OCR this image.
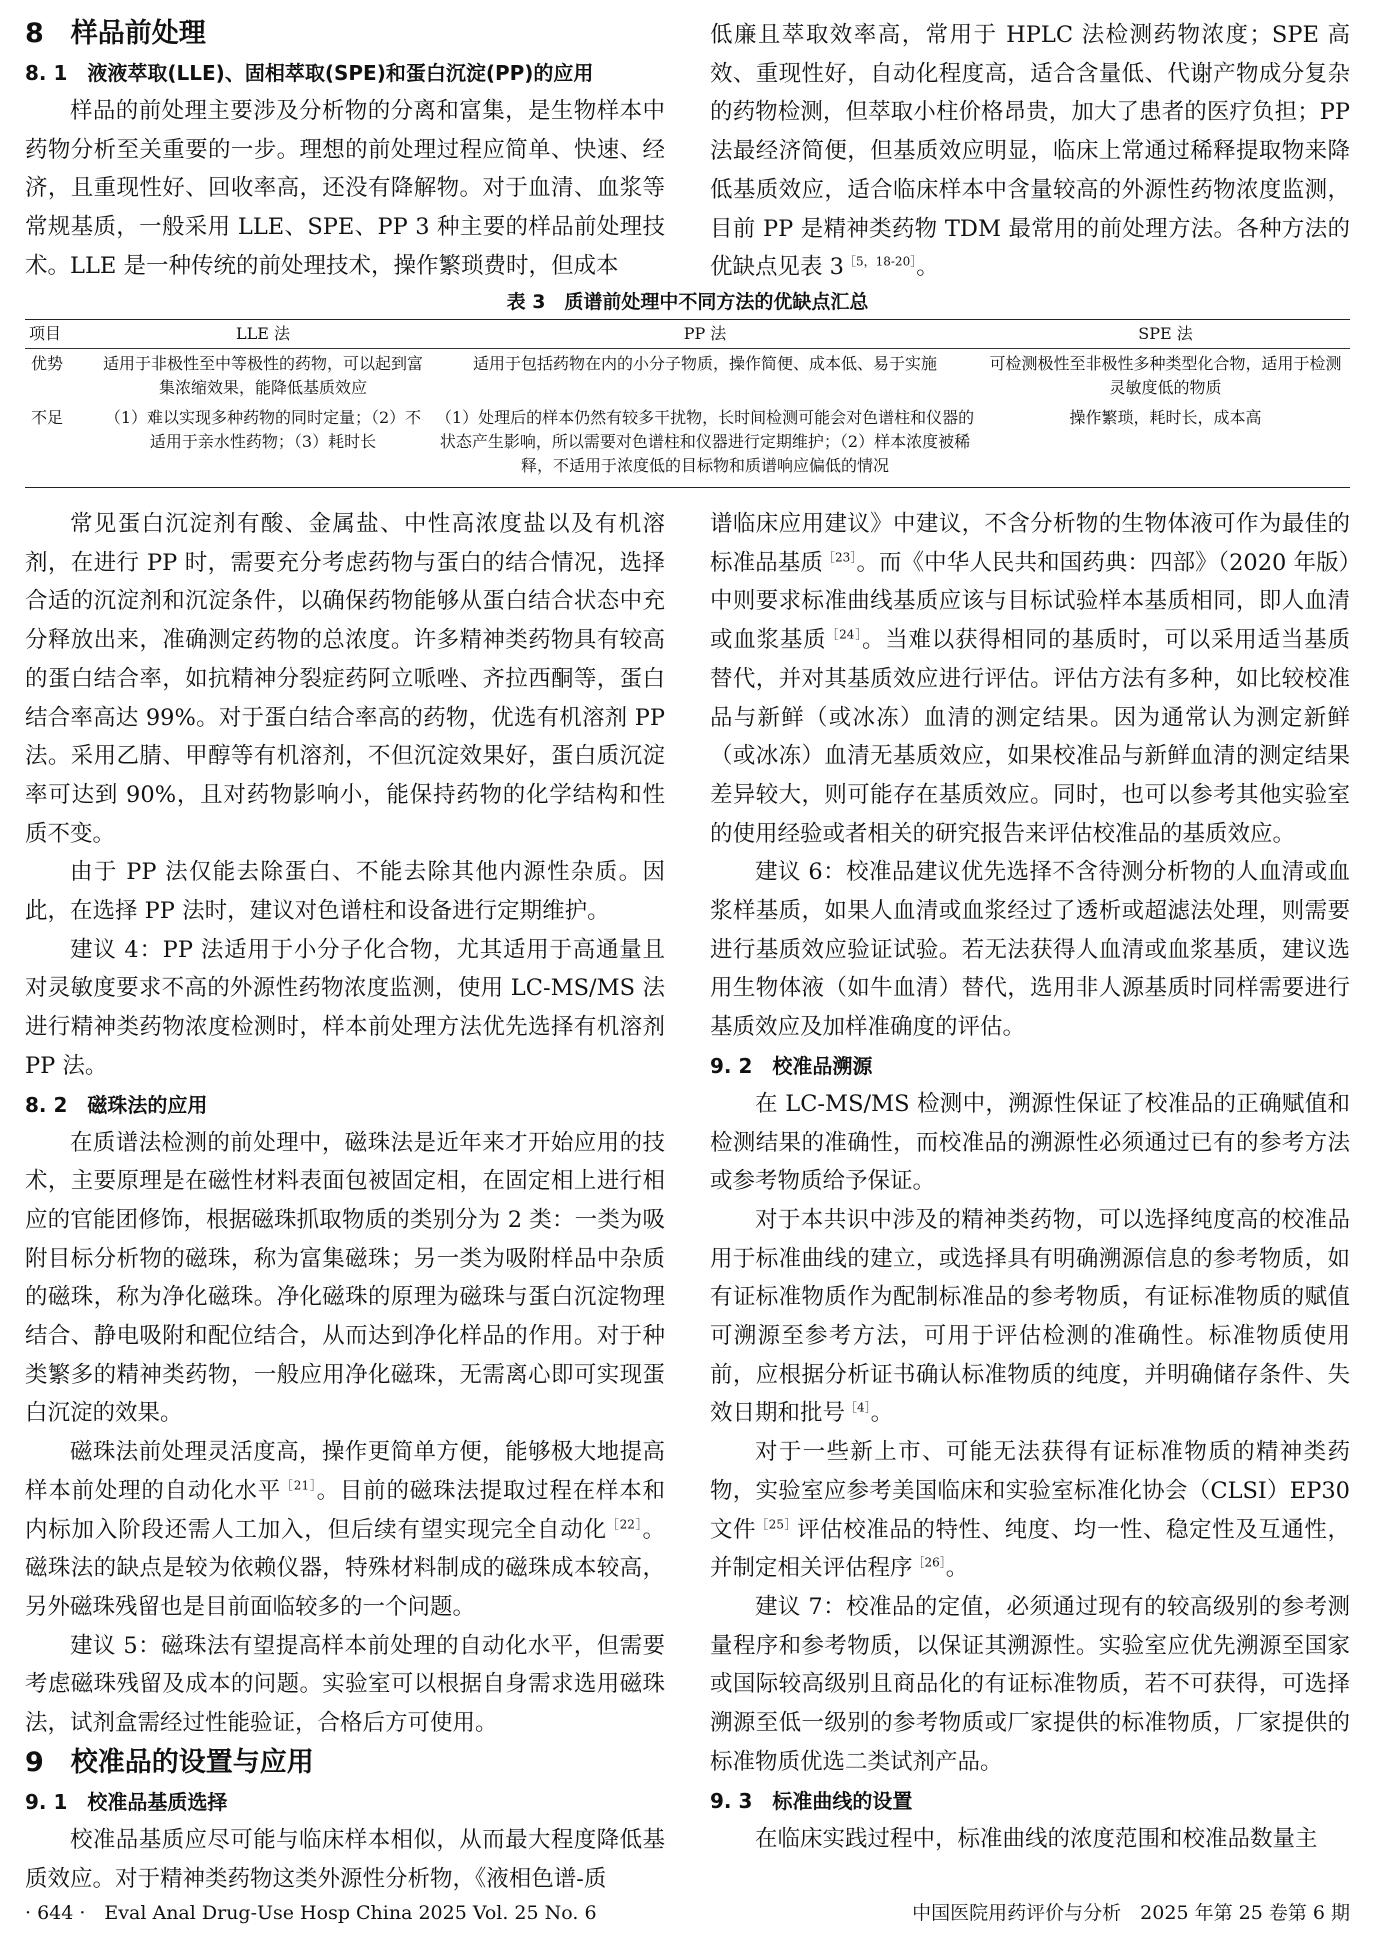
8　样品前处理
8. 1　液液萃取(LLE)、固相萃取(SPE)和蛋白沉淀(PP)的应用

样品的前处理主要涉及分析物的分离和富集，是生物样本中药物分析至关重要的一步。理想的前处理过程应简单、快速、经济，且重现性好、回收率高，还没有降解物。对于血清、血浆等常规基质，一般采用 LLE、SPE、PP 3 种主要的样品前处理技术。LLE 是一种传统的前处理技术，操作繁琐费时，但成本

低廉且萃取效率高，常用于 HPLC 法检测药物浓度；SPE 高效、重现性好，自动化程度高，适合含量低、代谢产物成分复杂的药物检测，但萃取小柱价格昂贵，加大了患者的医疗负担；PP 法最经济简便，但基质效应明显，临床上常通过稀释提取物来降低基质效应，适合临床样本中含量较高的外源性药物浓度监测，目前 PP 是精神类药物 TDM 最常用的前处理方法。各种方法的优缺点见表 $3^{[5,18-20]}$。

表 3　质谱前处理中不同方法的优缺点汇总
项目	LLE 法	PP 法	SPE 法
优势	适用于非极性至中等极性的药物，可以起到富集浓缩效果，能降低基质效应	适用于包括药物在内的小分子物质，操作简便、成本低、易于实施	可检测极性至非极性多种类型化合物，适用于检测灵敏度低的物质
不足	（1）难以实现多种药物的同时定量；（2）不适用于亲水性药物；（3）耗时长	（1）处理后的样本仍然有较多干扰物，长时间检测可能会对色谱柱和仪器的状态产生影响，所以需要对色谱柱和仪器进行定期维护；（2）样本浓度被稀释，不适用于浓度低的目标物和质谱响应偏低的情况	操作繁琐，耗时长，成本高

常见蛋白沉淀剂有酸、金属盐、中性高浓度盐以及有机溶剂，在进行 PP 时，需要充分考虑药物与蛋白的结合情况，选择合适的沉淀剂和沉淀条件，以确保药物能够从蛋白结合状态中充分释放出来，准确测定药物的总浓度。许多精神类药物具有较高的蛋白结合率，如抗精神分裂症药阿立哌唑、齐拉西酮等，蛋白结合率高达 99%。对于蛋白结合率高的药物，优选有机溶剂 PP 法。采用乙腈、甲醇等有机溶剂，不但沉淀效果好，蛋白质沉淀率可达到 90%，且对药物影响小，能保持药物的化学结构和性质不变。

由于 PP 法仅能去除蛋白、不能去除其他内源性杂质。因此，在选择 PP 法时，建议对色谱柱和设备进行定期维护。

建议 4：PP 法适用于小分子化合物，尤其适用于高通量且对灵敏度要求不高的外源性药物浓度监测，使用 LC-MS/MS 法进行精神类药物浓度检测时，样本前处理方法优先选择有机溶剂 PP 法。

8. 2　磁珠法的应用

在质谱法检测的前处理中，磁珠法是近年来才开始应用的技术，主要原理是在磁性材料表面包被固定相，在固定相上进行相应的官能团修饰，根据磁珠抓取物质的类别分为 2 类：一类为吸附目标分析物的磁珠，称为富集磁珠；另一类为吸附样品中杂质的磁珠，称为净化磁珠。净化磁珠的原理为磁珠与蛋白沉淀物理结合、静电吸附和配位结合，从而达到净化样品的作用。对于种类繁多的精神类药物，一般应用净化磁珠，无需离心即可实现蛋白沉淀的效果。

磁珠法前处理灵活度高，操作更简单方便，能够极大地提高样本前处理的自动化水平$^{[21]}$。目前的磁珠法提取过程在样本和内标加入阶段还需人工加入，但后续有望实现完全自动化$^{[22]}$。磁珠法的缺点是较为依赖仪器，特殊材料制成的磁珠成本较高，另外磁珠残留也是目前面临较多的一个问题。

建议 5：磁珠法有望提高样本前处理的自动化水平，但需要考虑磁珠残留及成本的问题。实验室可以根据自身需求选用磁珠法，试剂盒需经过性能验证，合格后方可使用。

9　校准品的设置与应用
9. 1　校准品基质选择

校准品基质应尽可能与临床样本相似，从而最大程度降低基质效应。对于精神类药物这类外源性分析物，《液相色谱-质

谱临床应用建议》中建议，不含分析物的生物体液可作为最佳的标准品基质$^{[23]}$。而《中华人民共和国药典：四部》（2020 年版）中则要求标准曲线基质应该与目标试验样本基质相同，即人血清或血浆基质$^{[24]}$。当难以获得相同的基质时，可以采用适当基质替代，并对其基质效应进行评估。评估方法有多种，如比较校准品与新鲜（或冰冻）血清的测定结果。因为通常认为测定新鲜（或冰冻）血清无基质效应，如果校准品与新鲜血清的测定结果差异较大，则可能存在基质效应。同时，也可以参考其他实验室的使用经验或者相关的研究报告来评估校准品的基质效应。

建议 6：校准品建议优先选择不含待测分析物的人血清或血浆样基质，如果人血清或血浆经过了透析或超滤法处理，则需要进行基质效应验证试验。若无法获得人血清或血浆基质，建议选用生物体液（如牛血清）替代，选用非人源基质时同样需要进行基质效应及加样准确度的评估。

9. 2　校准品溯源

在 LC-MS/MS 检测中，溯源性保证了校准品的正确赋值和检测结果的准确性，而校准品的溯源性必须通过已有的参考方法或参考物质给予保证。

对于本共识中涉及的精神类药物，可以选择纯度高的校准品用于标准曲线的建立，或选择具有明确溯源信息的参考物质，如有证标准物质作为配制标准品的参考物质，有证标准物质的赋值可溯源至参考方法，可用于评估检测的准确性。标准物质使用前，应根据分析证书确认标准物质的纯度，并明确储存条件、失效日期和批号$^{[4]}$。

对于一些新上市、可能无法获得有证标准物质的精神类药物，实验室应参考美国临床和实验室标准化协会（CLSI）EP30 文件$^{[25]}$评估校准品的特性、纯度、均一性、稳定性及互通性，并制定相关评估程序$^{[26]}$。

建议 7：校准品的定值，必须通过现有的较高级别的参考测量程序和参考物质，以保证其溯源性。实验室应优先溯源至国家或国际较高级别且商品化的有证标准物质，若不可获得，可选择溯源至低一级别的参考物质或厂家提供的标准物质，厂家提供的标准物质优选二类试剂产品。

9. 3　标准曲线的设置

在临床实践过程中，标准曲线的浓度范围和校准品数量主

· 644 ·　Eval Anal Drug-Use Hosp China 2025 Vol. 25 No. 6	中国医院用药评价与分析　2025 年第 25 卷第 6 期
